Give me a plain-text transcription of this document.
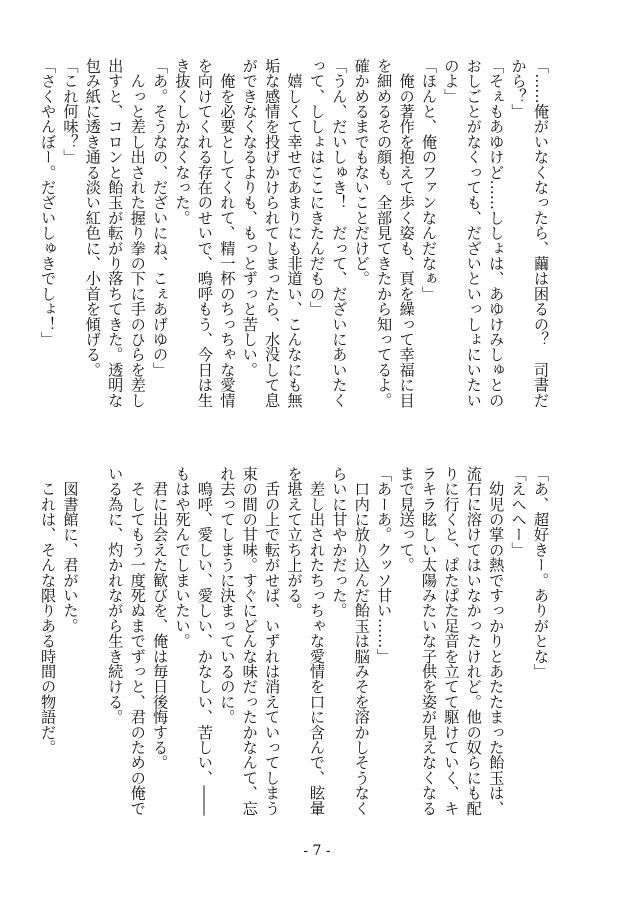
「……俺がいなくなったら、繭は困るの？　司書だ
から？」
「そぇもあゆけど……ししょは、あゆけみしゅとの
おしごとがなくっても、だざいといっしょにいたい
のよ」
「ほんと、俺のファンなんだなぁ」
　俺の著作を抱えて歩く姿も、頁を繰って幸福に目
を細めるその顔も。全部見てきたから知ってるよ。
確かめるまでもないことだけど。
「うん、だいしゅき！　だって、だざいにあいたく
って、ししょはここにきたんだもの」
　嬉しくて幸せであまりにも非道い、こんなにも無
垢な感情を投げかけられてしまったら、水没して息
ができなくなるよりも、もっとずっと苦しい。
　俺を必要としてくれて、精一杯のちっちゃな愛情
を向けてくれる存在のせいで、嗚呼もう、今日は生
き抜くしかなくなった。
「あ。そうなの、だざいにね、こぇあげゆの」
　んっと差し出された握り拳の下に手のひらを差し
出すと、コロンと飴玉が転がり落ちてきた。透明な
包み紙に透き通る淡い紅色に、小首を傾げる。
「これ何味？」
「さくやんぼー。だざいしゅきでしょ！」
「あ、超好きー。ありがとな」
「えへへー」
　幼児の掌の熱ですっかりとあたたまった飴玉は、
流石に溶けてはいなかったけれど。他の奴らにも配
りに行くと、ぱたぱた足音を立てて駆けていく、キ
ラキラ眩しい太陽みたいな子供を姿が見えなくなる
まで見送って。
「あーあ。クッソ甘い……」
　口内に放り込んだ飴玉は脳みそを溶かしそうなく
らいに甘やかだった。
　差し出されたちっちゃな愛情を口に含んで、眩暈
を堪えて立ち上がる。
　舌の上で転がせば、いずれは消えていってしまう
束の間の甘味。すぐにどんな味だったかなんて、忘
れ去ってしまうに決まっているのに。
　嗚呼、愛しい、愛しい、かなしい、苦しい、――
もはや死んでしまいたい。
　君に出会えた歓びを、俺は毎日後悔する。
　そしてもう一度死ぬまでずっと、君のための俺で
いる為に、灼かれながら生き続ける。

　図書館に、君がいた。
　これは、そんな限りある時間の物語だ。
- 7 -
